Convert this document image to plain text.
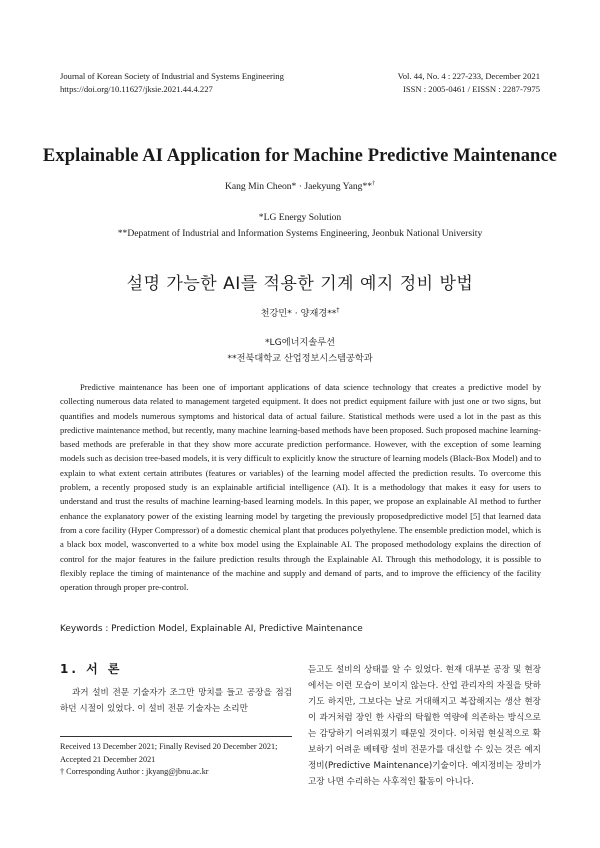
Journal of Korean Society of Industrial and Systems Engineering
https://doi.org/10.11627/jksie.2021.44.4.227
Vol. 44, No. 4 : 227-233, December 2021
ISSN : 2005-0461 / EISSN : 2287-7975
Explainable AI Application for Machine Predictive Maintenance
Kang Min Cheon* · Jaekyung Yang**†
*LG Energy Solution
**Depatment of Industrial and Information Systems Engineering, Jeonbuk National University
설명 가능한 AI를 적용한 기계 예지 정비 방법
천강민* · 양재경**†
*LG에너지솔루션
**전북대학교 산업정보시스템공학과

Predictive maintenance has been one of important applications of data science technology that creates a predictive model by collecting numerous data related to management targeted equipment. It does not predict equipment failure with just one or two signs, but quantifies and models numerous symptoms and historical data of actual failure. Statistical methods were used a lot in the past as this predictive maintenance method, but recently, many machine learning-based methods have been proposed. Such proposed machine learning-based methods are preferable in that they show more accurate prediction performance. However, with the exception of some learning models such as decision tree-based models, it is very difficult to explicitly know the structure of learning models (Black-Box Model) and to explain to what extent certain attributes (features or variables) of the learning model affected the prediction results. To overcome this problem, a recently proposed study is an explainable artificial intelligence (AI). It is a methodology that makes it easy for users to understand and trust the results of machine learning-based learning models. In this paper, we propose an explainable AI method to further enhance the explanatory power of the existing learning model by targeting the previously proposedpredictive model [5] that learned data from a core facility (Hyper Compressor) of a domestic chemical plant that produces polyethylene. The ensemble prediction model, which is a black box model, wasconverted to a white box model using the Explainable AI. The proposed methodology explains the direction of control for the major features in the failure prediction results through the Explainable AI. Through this methodology, it is possible to flexibly replace the timing of maintenance of the machine and supply and demand of parts, and to improve the efficiency of the facility operation through proper pre-control.

Keywords : Prediction Model, Explainable AI, Predictive Maintenance
1. 서 론

과거 설비 전문 기술자가 조그만 망치를 들고 공장을 점검하던 시절이 있었다. 이 설비 전문 기술자는 소리만

Received 13 December 2021; Finally Revised 20 December 2021;
Accepted 21 December 2021
† Corresponding Author : jkyang@jbnu.ac.kr

듣고도 설비의 상태를 알 수 있었다. 현재 대부분 공장 및 현장에서는 이런 모습이 보이지 않는다. 산업 관리자의 자질을 탓하기도 하지만, 그보다는 날로 거대해지고 복잡해지는 생산 현장이 과거처럼 장인 한 사람의 탁월한 역량에 의존하는 방식으로는 감당하기 어려워졌기 때문일 것이다. 이처럼 현실적으로 확보하기 어려운 베테랑 설비 전문가를 대신할 수 있는 것은 예지정비(Predictive Maintenance)기술이다. 예지정비는 장비가 고장 나면 수리하는 사후적인 활동이 아니다.
